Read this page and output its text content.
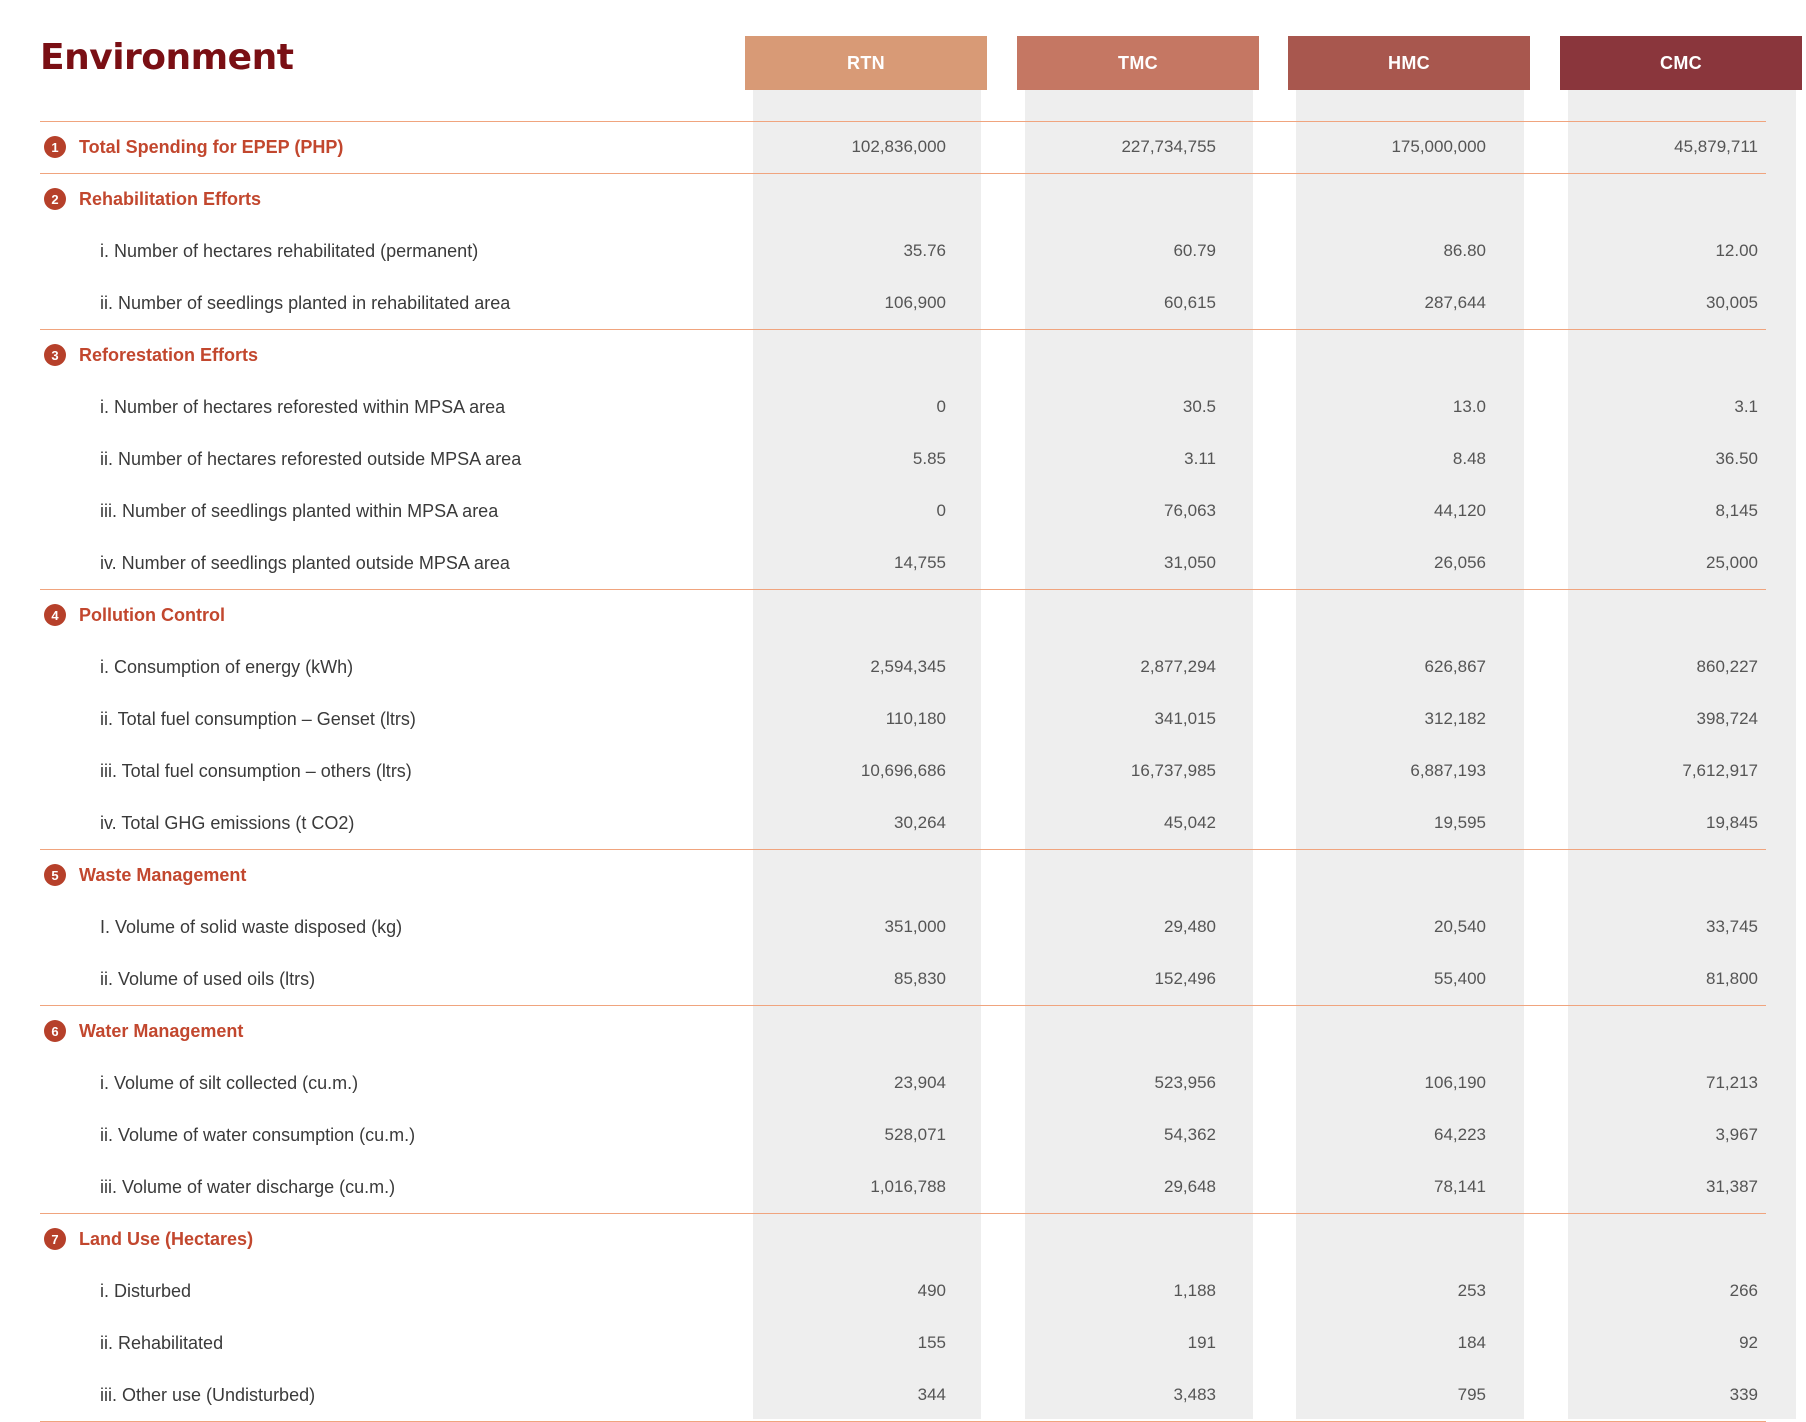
Environment	RTN	TMC	HMC	CMC
1	Total Spending for EPEP (PHP)	102,836,000	227,734,755	175,000,000	45,879,711
2	Rehabilitation Efforts
i. Number of hectares rehabilitated (permanent)	35.76	60.79	86.80	12.00
ii. Number of seedlings planted in rehabilitated area	106,900	60,615	287,644	30,005
3	Reforestation Efforts
i. Number of hectares reforested within MPSA area	0	30.5	13.0	3.1
ii. Number of hectares reforested outside MPSA area	5.85	3.11	8.48	36.50
iii. Number of seedlings planted within MPSA area	0	76,063	44,120	8,145
iv. Number of seedlings planted outside MPSA area	14,755	31,050	26,056	25,000
4	Pollution Control
i. Consumption of energy (kWh)	2,594,345	2,877,294	626,867	860,227
ii. Total fuel consumption – Genset (ltrs)	110,180	341,015	312,182	398,724
iii. Total fuel consumption – others (ltrs)	10,696,686	16,737,985	6,887,193	7,612,917
iv. Total GHG emissions (t CO2)	30,264	45,042	19,595	19,845
5	Waste Management
I. Volume of solid waste disposed (kg)	351,000	29,480	20,540	33,745
ii. Volume of used oils (ltrs)	85,830	152,496	55,400	81,800
6	Water Management
i. Volume of silt collected (cu.m.)	23,904	523,956	106,190	71,213
ii. Volume of water consumption (cu.m.)	528,071	54,362	64,223	3,967
iii. Volume of water discharge (cu.m.)	1,016,788	29,648	78,141	31,387
7	Land Use (Hectares)
i. Disturbed	490	1,188	253	266
ii. Rehabilitated	155	191	184	92
iii. Other use (Undisturbed)	344	3,483	795	339
